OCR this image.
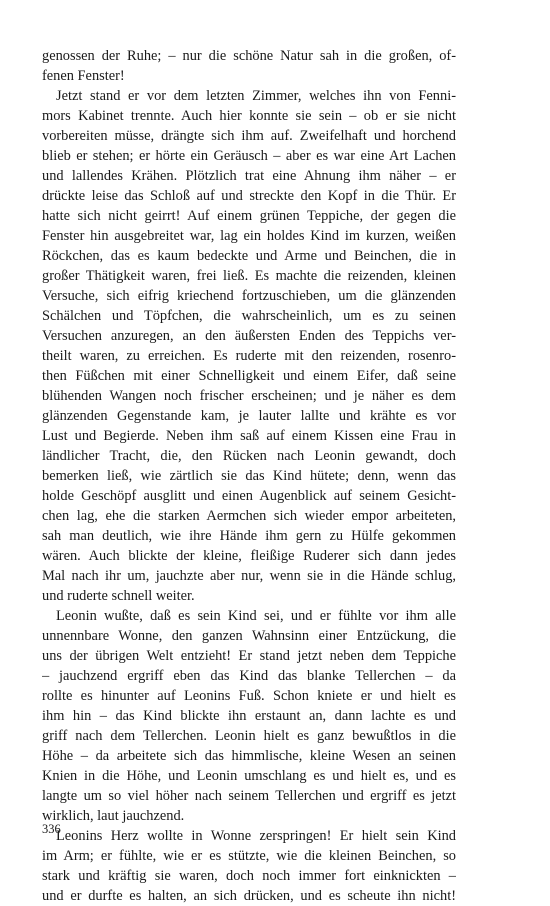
genossen der Ruhe; – nur die schöne Natur sah in die großen, of-
fenen Fenster!
Jetzt stand er vor dem letzten Zimmer, welches ihn von Fenni-
mors Kabinet trennte. Auch hier konnte sie sein – ob er sie nicht
vorbereiten müsse, drängte sich ihm auf. Zweifelhaft und horchend
blieb er stehen; er hörte ein Geräusch – aber es war eine Art Lachen
und lallendes Krähen. Plötzlich trat eine Ahnung ihm näher – er
drückte leise das Schloß auf und streckte den Kopf in die Thür. Er
hatte sich nicht geirrt! Auf einem grünen Teppiche, der gegen die
Fenster hin ausgebreitet war, lag ein holdes Kind im kurzen, weißen
Röckchen, das es kaum bedeckte und Arme und Beinchen, die in
großer Thätigkeit waren, frei ließ. Es machte die reizenden, kleinen
Versuche, sich eifrig kriechend fortzuschieben, um die glänzenden
Schälchen und Töpfchen, die wahrscheinlich, um es zu seinen
Versuchen anzuregen, an den äußersten Enden des Teppichs ver-
theilt waren, zu erreichen. Es ruderte mit den reizenden, rosenro-
then Füßchen mit einer Schnelligkeit und einem Eifer, daß seine
blühenden Wangen noch frischer erscheinen; und je näher es dem
glänzenden Gegenstande kam, je lauter lallte und krähte es vor
Lust und Begierde. Neben ihm saß auf einem Kissen eine Frau in
ländlicher Tracht, die, den Rücken nach Leonin gewandt, doch
bemerken ließ, wie zärtlich sie das Kind hütete; denn, wenn das
holde Geschöpf ausglitt und einen Augenblick auf seinem Gesicht-
chen lag, ehe die starken Aermchen sich wieder empor arbeiteten,
sah man deutlich, wie ihre Hände ihm gern zu Hülfe gekommen
wären. Auch blickte der kleine, fleißige Ruderer sich dann jedes
Mal nach ihr um, jauchzte aber nur, wenn sie in die Hände schlug,
und ruderte schnell weiter.
Leonin wußte, daß es sein Kind sei, und er fühlte vor ihm alle
unnennbare Wonne, den ganzen Wahnsinn einer Entzückung, die
uns der übrigen Welt entzieht! Er stand jetzt neben dem Teppiche
– jauchzend ergriff eben das Kind das blanke Tellerchen – da
rollte es hinunter auf Leonins Fuß. Schon kniete er und hielt es
ihm hin – das Kind blickte ihn erstaunt an, dann lachte es und
griff nach dem Tellerchen. Leonin hielt es ganz bewußtlos in die
Höhe – da arbeitete sich das himmlische, kleine Wesen an seinen
Knien in die Höhe, und Leonin umschlang es und hielt es, und es
langte um so viel höher nach seinem Tellerchen und ergriff es jetzt
wirklich, laut jauchzend.
Leonins Herz wollte in Wonne zerspringen! Er hielt sein Kind
im Arm; er fühlte, wie er es stützte, wie die kleinen Beinchen, so
stark und kräftig sie waren, doch noch immer fort einknickten –
und er durfte es halten, an sich drücken, und es scheute ihn nicht!
336
